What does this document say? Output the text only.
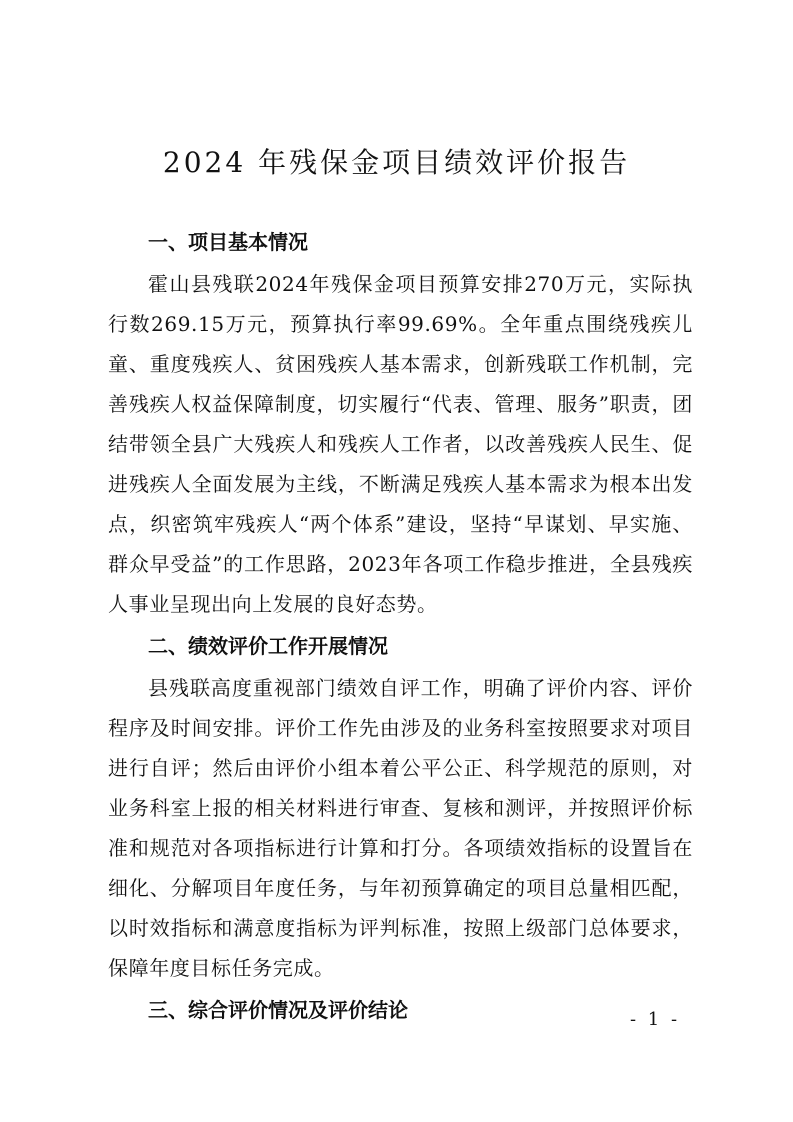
2024 年残保金项目绩效评价报告
一、项目基本情况

霍山县残联2024年残保金项目预算安排270万元，实际执行数269.15万元，预算执行率99.69%。全年重点围绕残疾儿童、重度残疾人、贫困残疾人基本需求，创新残联工作机制，完善残疾人权益保障制度，切实履行“代表、管理、服务”职责，团结带领全县广大残疾人和残疾人工作者，以改善残疾人民生、促进残疾人全面发展为主线，不断满足残疾人基本需求为根本出发点，织密筑牢残疾人“两个体系”建设，坚持“早谋划、早实施、群众早受益”的工作思路，2023年各项工作稳步推进，全县残疾人事业呈现出向上发展的良好态势。

二、绩效评价工作开展情况

县残联高度重视部门绩效自评工作，明确了评价内容、评价程序及时间安排。评价工作先由涉及的业务科室按照要求对项目进行自评；然后由评价小组本着公平公正、科学规范的原则，对业务科室上报的相关材料进行审查、复核和测评，并按照评价标准和规范对各项指标进行计算和打分。各项绩效指标的设置旨在细化、分解项目年度任务，与年初预算确定的项目总量相匹配，以时效指标和满意度指标为评判标准，按照上级部门总体要求，保障年度目标任务完成。

三、综合评价情况及评价结论	- 1 -
